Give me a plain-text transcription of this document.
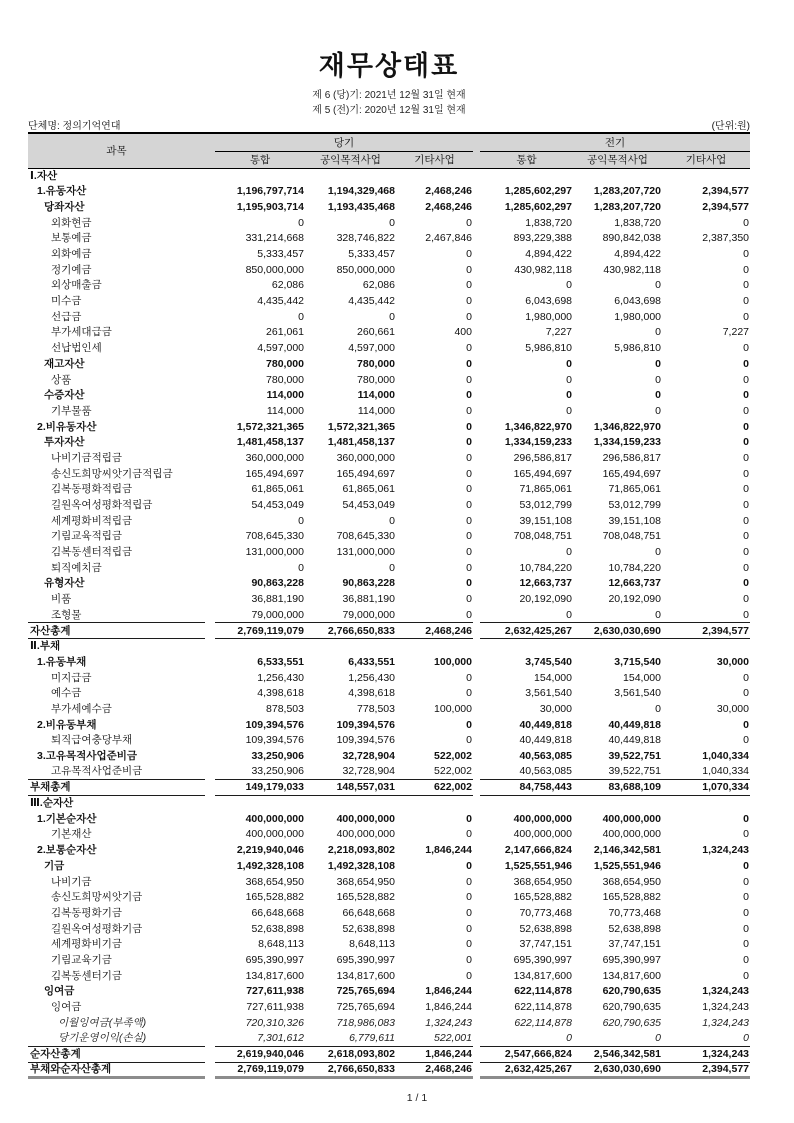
재무상태표
제 6 (당)기: 2021년 12월 31일 현재
제 5 (전)기: 2020년 12월 31일 현재
단체명: 정의기억연대	(단위:원)
과목		당기				전기		
		통합	공익목적사업	기타사업		통합	공익목적사업	기타사업
Ⅰ.자산								
1.유동자산		1,196,797,714	1,194,329,468	2,468,246		1,285,602,297	1,283,207,720	2,394,577
당좌자산		1,195,903,714	1,193,435,468	2,468,246		1,285,602,297	1,283,207,720	2,394,577
외화현금		0	0	0		1,838,720	1,838,720	0
보통예금		331,214,668	328,746,822	2,467,846		893,229,388	890,842,038	2,387,350
외화예금		5,333,457	5,333,457	0		4,894,422	4,894,422	0
정기예금		850,000,000	850,000,000	0		430,982,118	430,982,118	0
외상매출금		62,086	62,086	0		0	0	0
미수금		4,435,442	4,435,442	0		6,043,698	6,043,698	0
선급금		0	0	0		1,980,000	1,980,000	0
부가세대급금		261,061	260,661	400		7,227	0	7,227
선납법인세		4,597,000	4,597,000	0		5,986,810	5,986,810	0
재고자산		780,000	780,000	0		0	0	0
상품		780,000	780,000	0		0	0	0
수증자산		114,000	114,000	0		0	0	0
기부물품		114,000	114,000	0		0	0	0
2.비유동자산		1,572,321,365	1,572,321,365	0		1,346,822,970	1,346,822,970	0
투자자산		1,481,458,137	1,481,458,137	0		1,334,159,233	1,334,159,233	0
나비기금적립금		360,000,000	360,000,000	0		296,586,817	296,586,817	0
송신도희망씨앗기금적립금		165,494,697	165,494,697	0		165,494,697	165,494,697	0
김복동평화적립금		61,865,061	61,865,061	0		71,865,061	71,865,061	0
길원옥여성평화적립금		54,453,049	54,453,049	0		53,012,799	53,012,799	0
세계평화비적립금		0	0	0		39,151,108	39,151,108	0
기림교육적립금		708,645,330	708,645,330	0		708,048,751	708,048,751	0
김복동센터적립금		131,000,000	131,000,000	0		0	0	0
퇴직예치금		0	0	0		10,784,220	10,784,220	0
유형자산		90,863,228	90,863,228	0		12,663,737	12,663,737	0
비품		36,881,190	36,881,190	0		20,192,090	20,192,090	0
조형물		79,000,000	79,000,000	0		0	0	0
자산총계		2,769,119,079	2,766,650,833	2,468,246		2,632,425,267	2,630,030,690	2,394,577
Ⅱ.부채								
1.유동부채		6,533,551	6,433,551	100,000		3,745,540	3,715,540	30,000
미지급금		1,256,430	1,256,430	0		154,000	154,000	0
예수금		4,398,618	4,398,618	0		3,561,540	3,561,540	0
부가세예수금		878,503	778,503	100,000		30,000	0	30,000
2.비유동부채		109,394,576	109,394,576	0		40,449,818	40,449,818	0
퇴직급여충당부채		109,394,576	109,394,576	0		40,449,818	40,449,818	0
3.고유목적사업준비금		33,250,906	32,728,904	522,002		40,563,085	39,522,751	1,040,334
고유목적사업준비금		33,250,906	32,728,904	522,002		40,563,085	39,522,751	1,040,334
부채총계		149,179,033	148,557,031	622,002		84,758,443	83,688,109	1,070,334
Ⅲ.순자산								
1.기본순자산		400,000,000	400,000,000	0		400,000,000	400,000,000	0
기본재산		400,000,000	400,000,000	0		400,000,000	400,000,000	0
2.보통순자산		2,219,940,046	2,218,093,802	1,846,244		2,147,666,824	2,146,342,581	1,324,243
기금		1,492,328,108	1,492,328,108	0		1,525,551,946	1,525,551,946	0
나비기금		368,654,950	368,654,950	0		368,654,950	368,654,950	0
송신도희망씨앗기금		165,528,882	165,528,882	0		165,528,882	165,528,882	0
김복동평화기금		66,648,668	66,648,668	0		70,773,468	70,773,468	0
길원옥여성평화기금		52,638,898	52,638,898	0		52,638,898	52,638,898	0
세계평화비기금		8,648,113	8,648,113	0		37,747,151	37,747,151	0
기림교육기금		695,390,997	695,390,997	0		695,390,997	695,390,997	0
김복동센터기금		134,817,600	134,817,600	0		134,817,600	134,817,600	0
잉여금		727,611,938	725,765,694	1,846,244		622,114,878	620,790,635	1,324,243
잉여금		727,611,938	725,765,694	1,846,244		622,114,878	620,790,635	1,324,243
이월잉여금(부족액)		720,310,326	718,986,083	1,324,243		622,114,878	620,790,635	1,324,243
당기운영이익(손실)		7,301,612	6,779,611	522,001		0	0	0
순자산총계		2,619,940,046	2,618,093,802	1,846,244		2,547,666,824	2,546,342,581	1,324,243
부채와순자산총계		2,769,119,079	2,766,650,833	2,468,246		2,632,425,267	2,630,030,690	2,394,577
1 / 1
